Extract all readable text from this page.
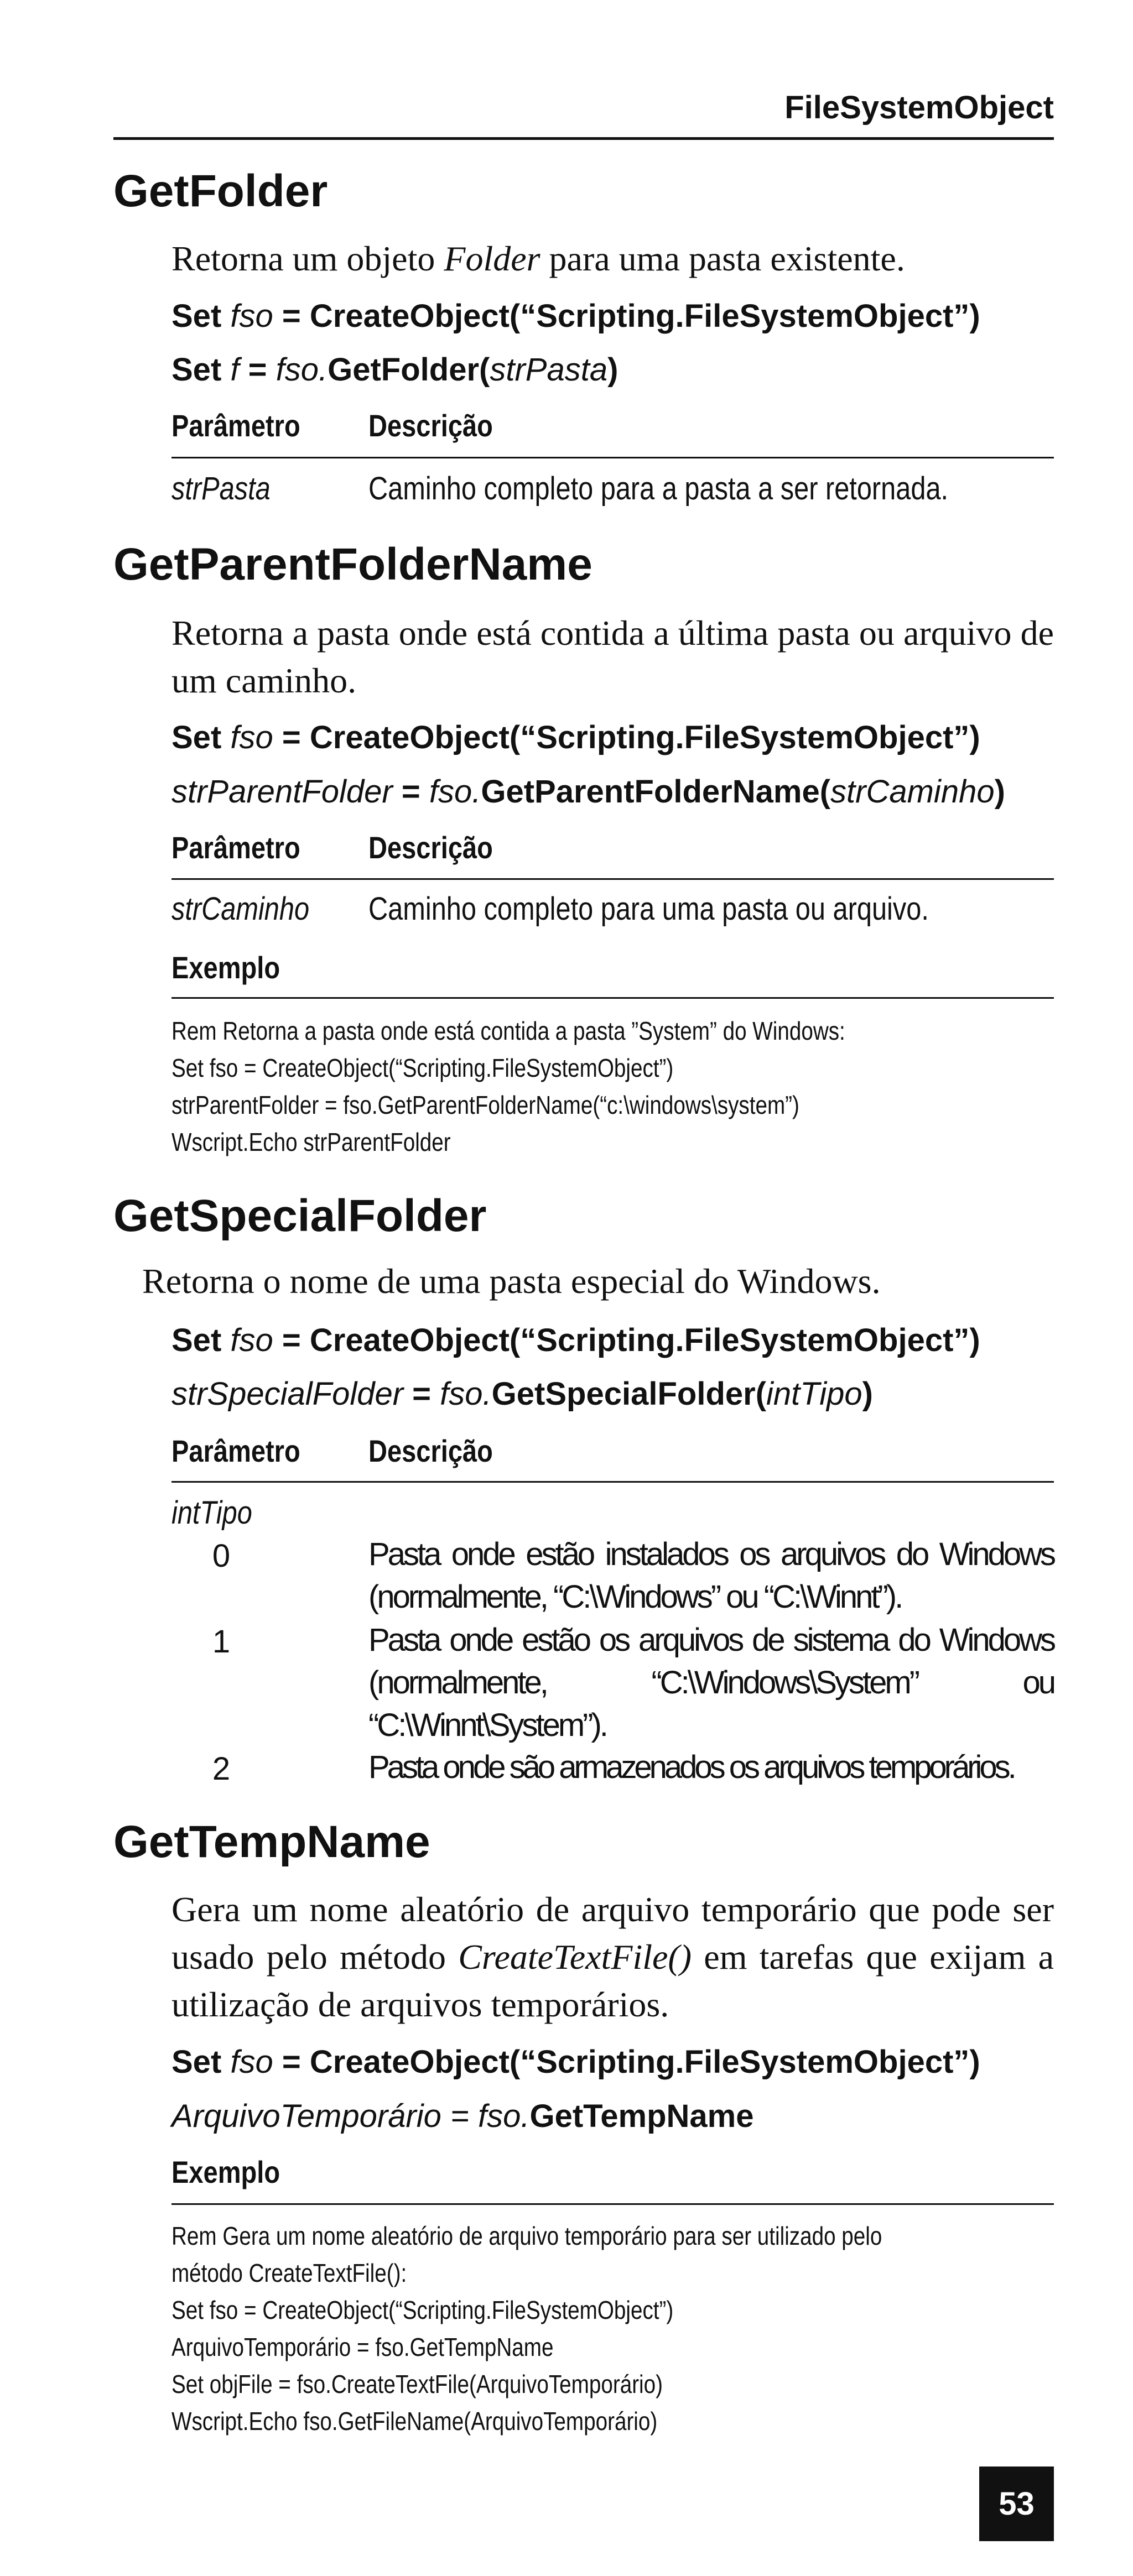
FileSystemObject
GetFolder
Retorna um objeto Folder para uma pasta existente.
Set fso = CreateObject(“Scripting.FileSystemObject”)
Set f = fso.GetFolder(strPasta)
Parâmetro Descrição
strPasta	Caminho completo para a pasta a ser retornada.
GetParentFolderName
Retorna a pasta onde está contida a última pasta ou arquivo de um caminho.
Set fso = CreateObject(“Scripting.FileSystemObject”)
strParentFolder = fso.GetParentFolderName(strCaminho)
Parâmetro Descrição
strCaminho Caminho completo para uma pasta ou arquivo.
Exemplo
Rem Retorna a pasta onde está contida a pasta ”System” do Windows:
Set fso = CreateObject(“Scripting.FileSystemObject”)
strParentFolder = fso.GetParentFolderName(“c:\windows\system”)
Wscript.Echo strParentFolder
GetSpecialFolder
Retorna o nome de uma pasta especial do Windows.
Set fso = CreateObject(“Scripting.FileSystemObject”)
strSpecialFolder = fso.GetSpecialFolder(intTipo)
Parâmetro Descrição
intTipo
0	Pasta onde estão instalados os arquivos do Windows (normalmente, “C:\Windows” ou “C:\Winnt”).
1	Pasta onde estão os arquivos de sistema do Windows (normalmente, “C:\Windows\System” ou “C:\Winnt\System”).
2	Pasta onde são armazenados os arquivos temporários.
GetTempName
Gera um nome aleatório de arquivo temporário que pode ser usado pelo método CreateTextFile() em tarefas que exijam a utilização de arquivos temporários.
Set fso = CreateObject(“Scripting.FileSystemObject”)
ArquivoTemporário = fso.GetTempName
Exemplo
Rem Gera um nome aleatório de arquivo temporário para ser utilizado pelo
método CreateTextFile():
Set fso = CreateObject(“Scripting.FileSystemObject”)
ArquivoTemporário = fso.GetTempName
Set objFile = fso.CreateTextFile(ArquivoTemporário)
Wscript.Echo fso.GetFileName(ArquivoTemporário)
53
